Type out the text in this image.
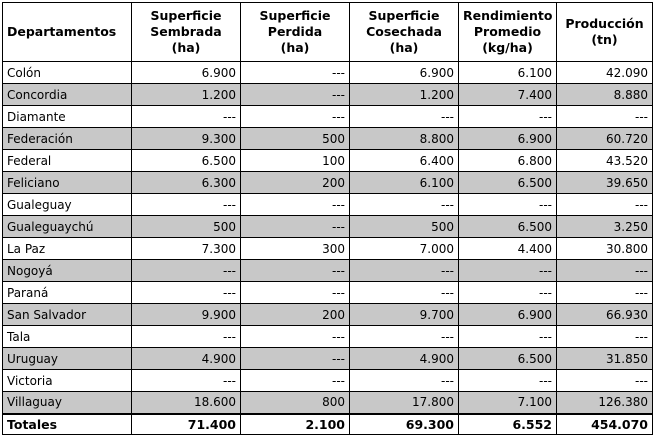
Departamentos	Superficie
Sembrada
(ha)	Superficie
Perdida
(ha)	Superficie
Cosechada
(ha)	Rendimiento
Promedio
(kg/ha)	Producción
(tn)
Colón	6.900	---	6.900	6.100	42.090
Concordia	1.200	---	1.200	7.400	8.880
Diamante	---	---	---	---	---
Federación	9.300	500	8.800	6.900	60.720
Federal	6.500	100	6.400	6.800	43.520
Feliciano	6.300	200	6.100	6.500	39.650
Gualeguay	---	---	---	---	---
Gualeguaychú	500	---	500	6.500	3.250
La Paz	7.300	300	7.000	4.400	30.800
Nogoyá	---	---	---	---	---
Paraná	---	---	---	---	---
San Salvador	9.900	200	9.700	6.900	66.930
Tala	---	---	---	---	---
Uruguay	4.900	---	4.900	6.500	31.850
Victoria	---	---	---	---	---
Villaguay	18.600	800	17.800	7.100	126.380
Totales	71.400	2.100	69.300	6.552	454.070
